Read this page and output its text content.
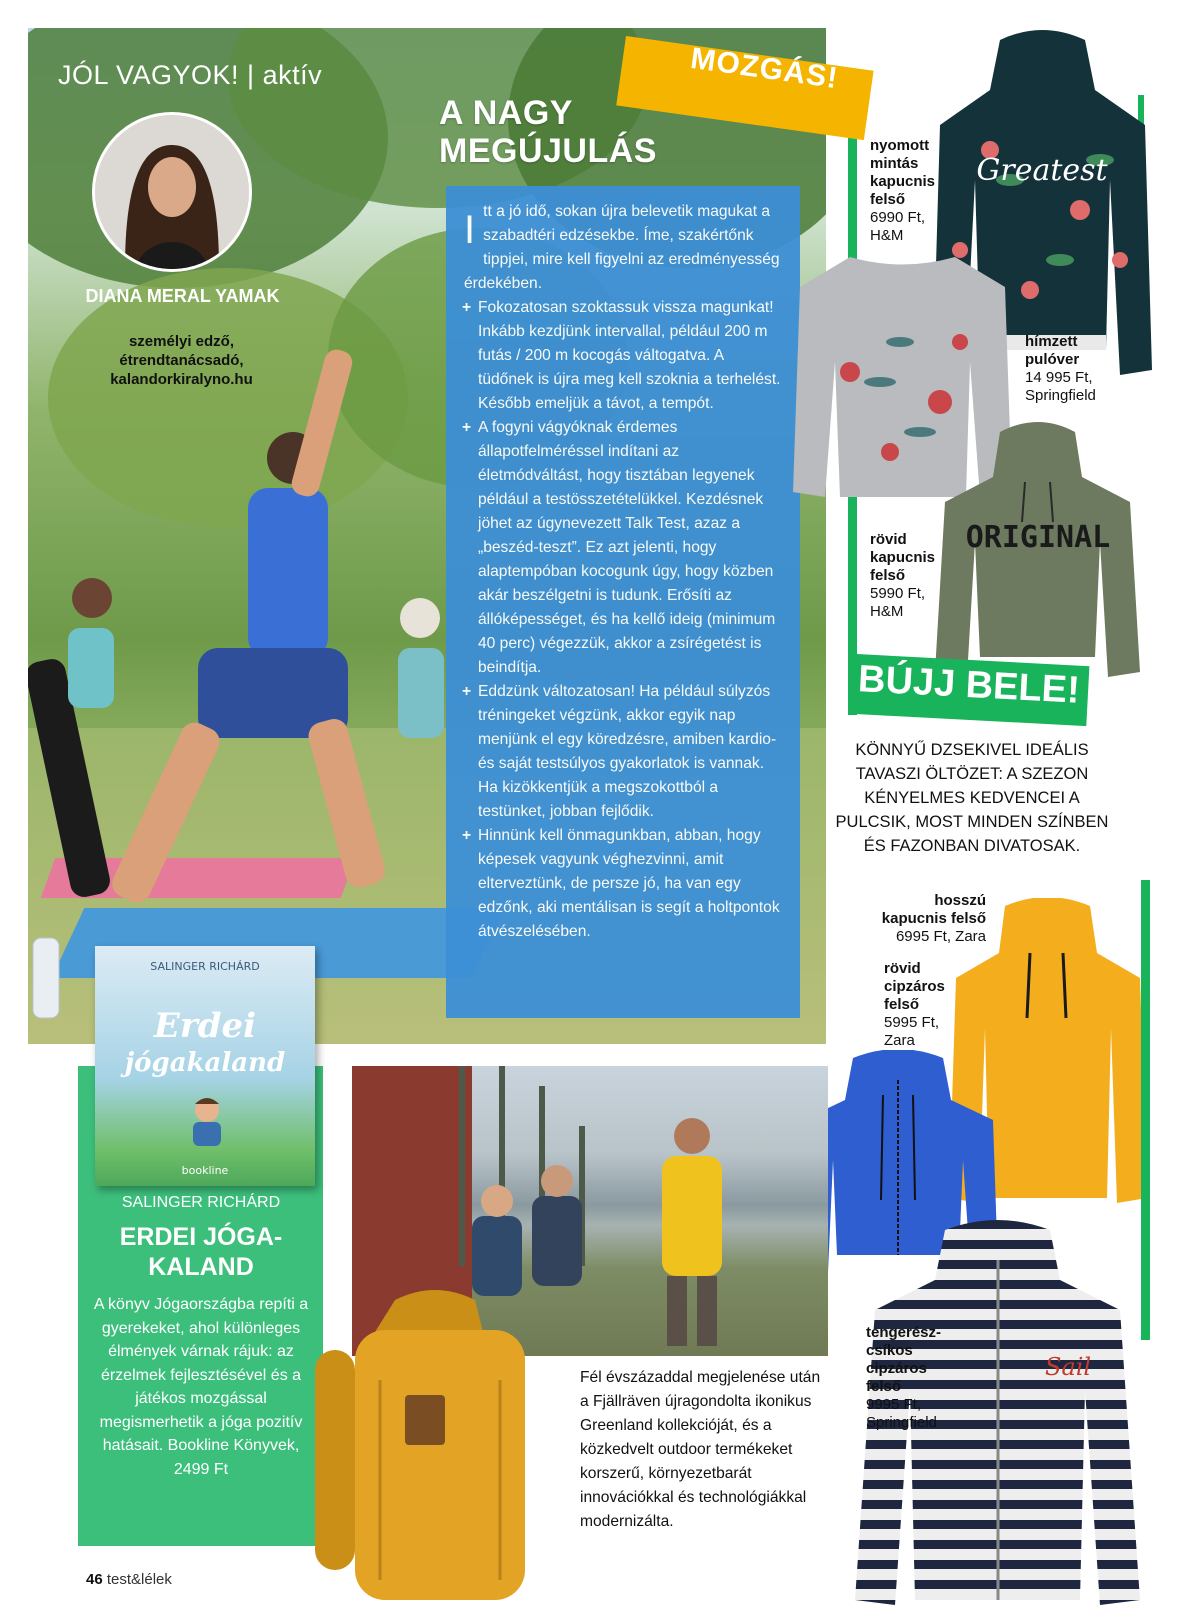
JÓL VAGYOK! | aktív
DIANA MERAL YAMAK
személyi edző,
étrendtanácsadó,
kalandorkiralyno.hu
A NAGY
MEGÚJULÁS

Itt a jó idő, sokan újra belevetik magukat a szabadtéri edzésekbe. Íme, szakértőnk tippjei, mire kell figyelni az eredményesség érdekében.

+ Fokozatosan szoktassuk vissza magunkat! Inkább kezdjünk intervallal, például 200 m futás / 200 m kocogás váltogatva. A tüdőnek is újra meg kell szoknia a terhelést. Később emeljük a távot, a tempót.

+ A fogyni vágyóknak érdemes állapotfelméréssel indítani az életmódváltást, hogy tisztában legyenek például a testösszetételükkel. Kezdésnek jöhet az úgynevezett Talk Test, azaz a „beszéd-teszt”. Ez azt jelenti, hogy alaptempóban kocogunk úgy, hogy közben akár beszélgetni is tudunk. Erősíti az állóképességet, és ha kellő ideig (minimum 40 perc) végezzük, akkor a zsírégetést is beindítja.

+ Eddzünk változatosan! Ha például súlyzós tréningeket végzünk, akkor egyik nap menjünk el egy köredzésre, amiben kardio- és saját testsúlyos gyakorlatok is vannak. Ha kizökkentjük a megszokottból a testünket, jobban fejlődik.

+ Hinnünk kell önmagunkban, abban, hogy képesek vagyunk véghezvinni, amit elterveztünk, de persze jó, ha van egy edzőnk, aki mentálisan is segít a holtpontok átvészelésében.

MOZGÁS!
Greatest
nyomott mintás kapucnis felső
6990 Ft,
H&M
hímzett pulóver
14 995 Ft,
Springfield
ORIGINAL
rövid kapucnis felső
5990 Ft,
H&M
BÚJJ BELE!
KÖNNYŰ DZSEKIVEL IDEÁLIS TAVASZI ÖLTÖZET: A SZEZON KÉNYELMES KEDVENCEI A PULCSIK, MOST MINDEN SZÍNBEN ÉS FAZONBAN DIVATOSAK.
hosszú kapucnis felső
6995 Ft, Zara
rövid cipzáros felső
5995 Ft,
Zara
Sail
tengerész-csíkos cipzáros felső
9995 Ft,
Springfield
SALINGER RICHÁRD
Erdei
jógakaland
bookline
SALINGER RICHÁRD
ERDEI JÓGA-KALAND
A könyv Jógaországba repíti a gyerekeket, ahol különleges élmények várnak rájuk: az érzelmek fejlesztésével és a játékos mozgással megismerhetik a jóga pozitív hatásait. Bookline Könyvek, 2499 Ft
Fél évszázaddal megjelenése után a Fjällräven újragondolta ikonikus Greenland kollekcióját, és a közkedvelt outdoor termékeket korszerű, környezetbarát innovációkkal és technológiákkal modernizálta.
46 test&lélek
